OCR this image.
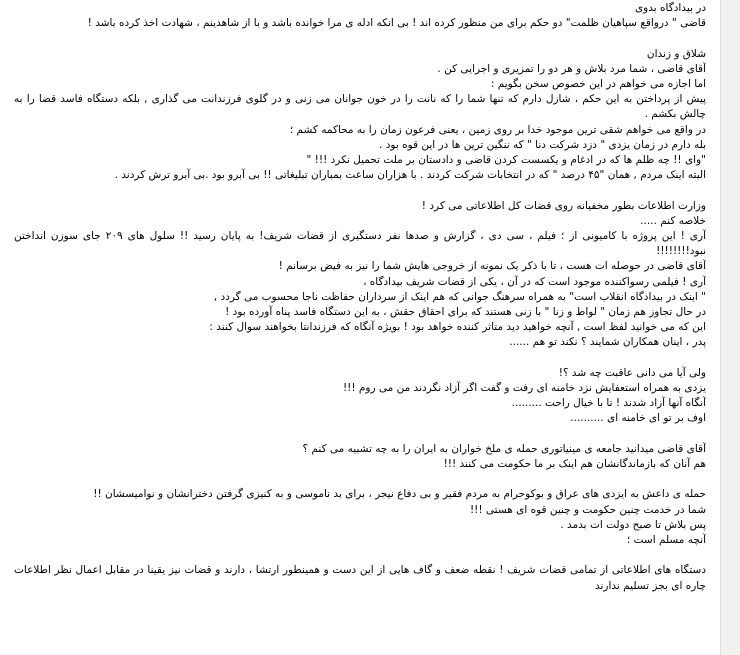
در بیدادگاه بدوی
قاضی " درواقع سپاهیان ظلمت" دو حکم برای من منظور کرده اند ! بی انکه ادله ی مرا خوانده باشد و با از شاهدینم ، شهادت اخذ کرده باشد !
شلاق و زندان
آقای قاضی ، شما مرد بلاش و هر دو را تمزیری و اجرایی کن .
اما اجازه می خواهم در این خصوص سخن بگویم :
پیش از پرداختن به این حکم ، شازل دارم که تنها شما را که نانت را در خون جوانان می زنی و در گلوی فرزندانت می گذاری , بلکه دستگاه فاسد قضا را به چالش بکشم .
در واقع می خواهم شقی ترین موجود خدا بر روی زمین ، یعنی فرعون زمان را به محاکمه کشم ؛
بله دارم در زمان یزدی " دزد شرکت دنا " که ننگین ترین ها در این قوه بود .
"وای !! چه ظلم ها که در ادغام و یکسست کردن قاضی و دادستان بر ملت تحمیل نکرد !!! "
البته اینک مردم , همان "۴۵ درصد " که در انتخابات شرکت کردند . با هزاران ساعت بمباران تبلیغاتی !! بی آبرو بود .بی آبرو ترش کردند .
وزارت اطلاعات بطور مخفیانه روی قضات کل اطلاعاتی می کرد !
خلاصه کنم .....
آری ! این پروژه با کامیونی از ؛ فیلم ، سی دی ، گزارش و صدها نفر دستگیری از قضات شریف! به پایان رسید !! سلول های ۲۰۹ جای سوزن انداختن نبود!!!!!!!!
آقای قاضی در حوصله ات هست ، تا با ذکر یک نمونه از خروجی هایش شما را نیز به فیض برسانم !
آری ! فیلمی رسواکننده موجود است که در آن ، یکی از قضات شریف بیدادگاه ،
" اینک در بیدادگاه انقلاب است" به همراه سرهنگ جوانی که هم اینک از سرداران حفاظت ناجا محسوب می گردد ,
در حال تجاوز هم زمان " لواط و زنا " با زنی هستند که برای احقاق حقش ، به این دستگاه فاسد پناه آورده بود !
این که می خوانید لفظ است , آنچه خواهید دید متاثر کننده خواهد بود ! بویژه آنگاه که فرزندانتا بخواهند سوال کنند :
پدر ، اینان همکاران شمایند ؟ نکند تو هم ......
ولی آیا می دانی عاقبت چه شد ؟!
یزدی به همراه استعفایش نزد خامنه ای رفت و گفت اگر آزاد نگردند من می روم !!!
آنگاه آنها آزاد شدند ! تا با خیال راحت .........
اوف بر تو ای خامنه ای ..........
آقای قاضی میدانید جامعه ی مینیاتوری حمله ی ملخ خواران به ایران را به چه تشبیه می کنم ؟
هم آنان که بازماندگانشان هم اینک بر ما حکومت می کنند !!!
حمله ی داعش به ایزدی های عراق و بوکوحرام به مردم فقیر و بی دفاع نیجر ، برای بد ناموسی و به کنیزی گرفتن دخترانشان و نوامیسشان !!
شما در خدمت چنین حکومت و چنین قوه ای هستی !!!
پس بلاش تا صبح دولت ات بدمد .
آنچه مسلم است ؛
دستگاه های اطلاعاتی از تمامی قضات شریف ! نقطه ضعف و گاف هایی از این دست و همینطور ارتشا ، دارند و قضات نیز یقینا در مقابل اعمال نظر اطلاعات چاره ای بجز تسلیم ندارند
